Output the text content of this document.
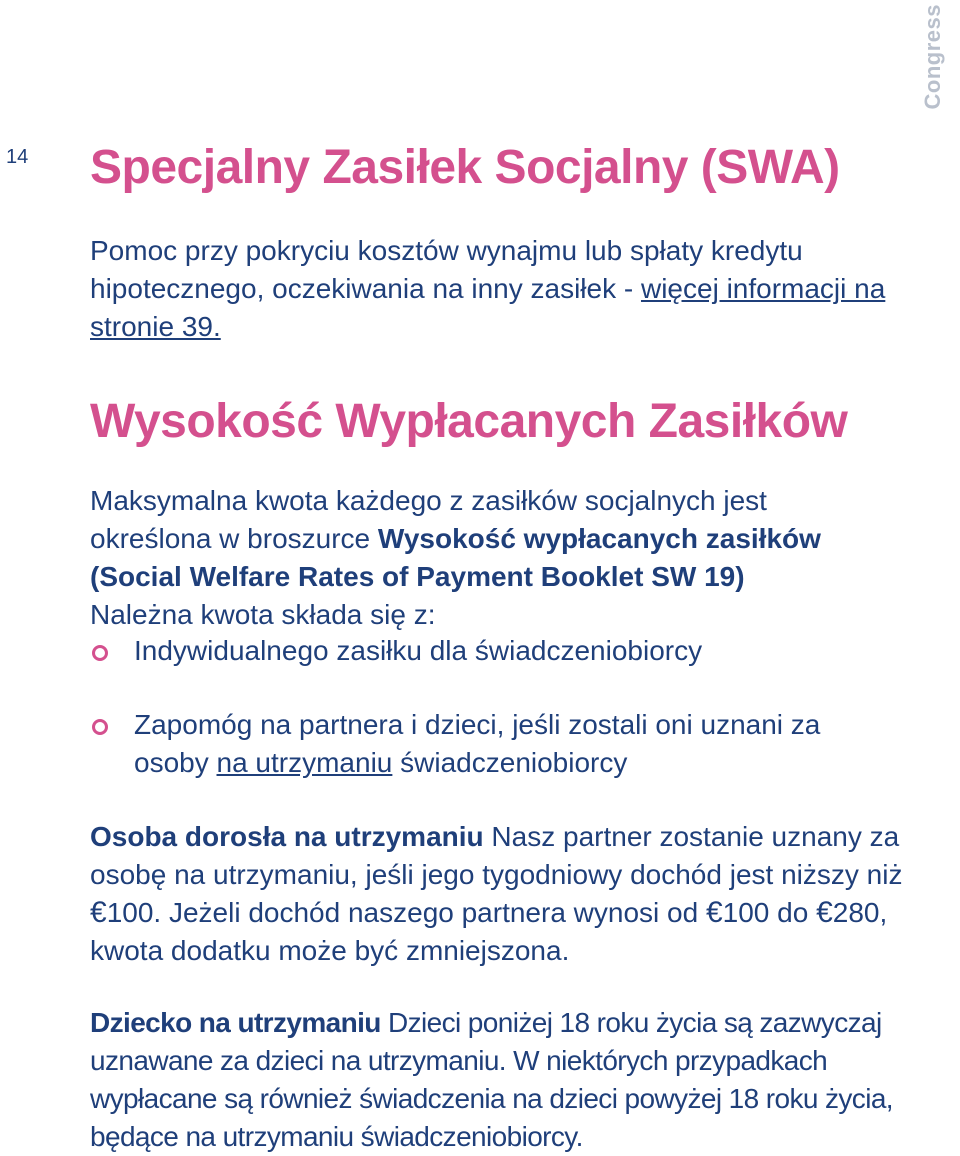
Congress
14 Specjalny Zasiłek Socjalny (SWA)

Pomoc przy pokryciu kosztów wynajmu lub spłaty kredytu hipotecznego, oczekiwania na inny zasiłek - więcej informacji na stronie 39.

Wysokość Wypłacanych Zasiłków

Maksymalna kwota każdego z zasiłków socjalnych jest
określona w broszurce Wysokość wypłacanych zasiłków
(Social Welfare Rates of Payment Booklet SW 19)
Należna kwota składa się z:

Indywidualnego zasiłku dla świadczeniobiorcy
Zapomóg na partnera i dzieci, jeśli zostali oni uznani za
osoby na utrzymaniu świadczeniobiorcy

Osoba dorosła na utrzymaniu Nasz partner zostanie uznany za osobę na utrzymaniu, jeśli jego tygodniowy dochód jest niższy niż €100. Jeżeli dochód naszego partnera wynosi od €100 do €280, kwota dodatku może być zmniejszona.

Dziecko na utrzymaniu Dzieci poniżej 18 roku życia są zazwyczaj uznawane za dzieci na utrzymaniu. W niektórych przypadkach wypłacane są również świadczenia na dzieci powyżej 18 roku życia, będące na utrzymaniu świadczeniobiorcy.
